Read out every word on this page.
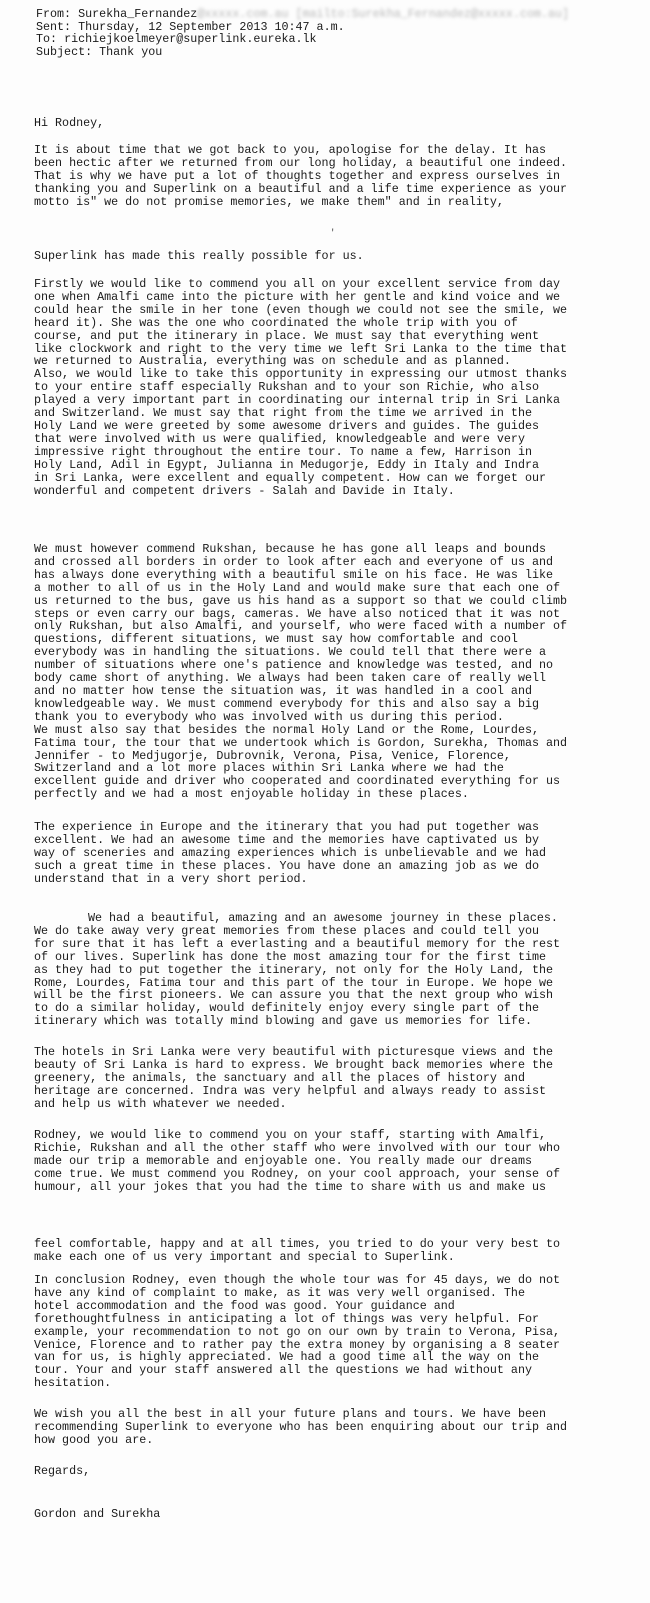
From: Surekha_Fernandez@xxxxx.com.au [mailto:Surekha_Fernandez@xxxxx.com.au]
Sent: Thursday, 12 September 2013 10:47 a.m.
To: richiejkoelmeyer@superlink.eureka.lk
Subject: Thank you
Hi Rodney,
It is about time that we got back to you, apologise for the delay. It has
been hectic after we returned from our long holiday, a beautiful one indeed.
That is why we have put a lot of thoughts together and express ourselves in
thanking you and Superlink on a beautiful and a life time experience as your
motto is" we do not promise memories, we make them" and in reality,
Superlink has made this really possible for us.
Firstly we would like to commend you all on your excellent service from day
one when Amalfi came into the picture with her gentle and kind voice and we
could hear the smile in her tone (even though we could not see the smile, we
heard it). She was the one who coordinated the whole trip with you of
course, and put the itinerary in place. We must say that everything went
like clockwork and right to the very time we left Sri Lanka to the time that
we returned to Australia, everything was on schedule and as planned.
Also, we would like to take this opportunity in expressing our utmost thanks
to your entire staff especially Rukshan and to your son Richie, who also
played a very important part in coordinating our internal trip in Sri Lanka
and Switzerland. We must say that right from the time we arrived in the
Holy Land we were greeted by some awesome drivers and guides. The guides
that were involved with us were qualified, knowledgeable and were very
impressive right throughout the entire tour. To name a few, Harrison in
Holy Land, Adil in Egypt, Julianna in Medugorje, Eddy in Italy and Indra
in Sri Lanka, were excellent and equally competent. How can we forget our
wonderful and competent drivers - Salah and Davide in Italy.
We must however commend Rukshan, because he has gone all leaps and bounds
and crossed all borders in order to look after each and everyone of us and
has always done everything with a beautiful smile on his face. He was like
a mother to all of us in the Holy Land and would make sure that each one of
us returned to the bus, gave us his hand as a support so that we could climb
steps or even carry our bags, cameras. We have also noticed that it was not
only Rukshan, but also Amalfi, and yourself, who were faced with a number of
questions, different situations, we must say how comfortable and cool
everybody was in handling the situations. We could tell that there were a
number of situations where one's patience and knowledge was tested, and no
body came short of anything. We always had been taken care of really well
and no matter how tense the situation was, it was handled in a cool and
knowledgeable way. We must commend everybody for this and also say a big
thank you to everybody who was involved with us during this period.
We must also say that besides the normal Holy Land or the Rome, Lourdes,
Fatima tour, the tour that we undertook which is Gordon, Surekha, Thomas and
Jennifer - to Medjugorje, Dubrovnik, Verona, Pisa, Venice, Florence,
Switzerland and a lot more places within Sri Lanka where we had the
excellent guide and driver who cooperated and coordinated everything for us
perfectly and we had a most enjoyable holiday in these places.
The experience in Europe and the itinerary that you had put together was
excellent. We had an awesome time and the memories have captivated us by
way of sceneries and amazing experiences which is unbelievable and we had
such a great time in these places. You have done an amazing job as we do
understand that in a very short period.
We had a beautiful, amazing and an awesome journey in these places.
We do take away very great memories from these places and could tell you
for sure that it has left a everlasting and a beautiful memory for the rest
of our lives. Superlink has done the most amazing tour for the first time
as they had to put together the itinerary, not only for the Holy Land, the
Rome, Lourdes, Fatima tour and this part of the tour in Europe. We hope we
will be the first pioneers. We can assure you that the next group who wish
to do a similar holiday, would definitely enjoy every single part of the
itinerary which was totally mind blowing and gave us memories for life.
The hotels in Sri Lanka were very beautiful with picturesque views and the
beauty of Sri Lanka is hard to express. We brought back memories where the
greenery, the animals, the sanctuary and all the places of history and
heritage are concerned. Indra was very helpful and always ready to assist
and help us with whatever we needed.
Rodney, we would like to commend you on your staff, starting with Amalfi,
Richie, Rukshan and all the other staff who were involved with our tour who
made our trip a memorable and enjoyable one. You really made our dreams
come true. We must commend you Rodney, on your cool approach, your sense of
humour, all your jokes that you had the time to share with us and make us
feel comfortable, happy and at all times, you tried to do your very best to
make each one of us very important and special to Superlink.
In conclusion Rodney, even though the whole tour was for 45 days, we do not
have any kind of complaint to make, as it was very well organised. The
hotel accommodation and the food was good. Your guidance and
forethoughtfulness in anticipating a lot of things was very helpful. For
example, your recommendation to not go on our own by train to Verona, Pisa,
Venice, Florence and to rather pay the extra money by organising a 8 seater
van for us, is highly appreciated. We had a good time all the way on the
tour. Your and your staff answered all the questions we had without any
hesitation.
We wish you all the best in all your future plans and tours. We have been
recommending Superlink to everyone who has been enquiring about our trip and
how good you are.
Regards,
Gordon and Surekha
'
